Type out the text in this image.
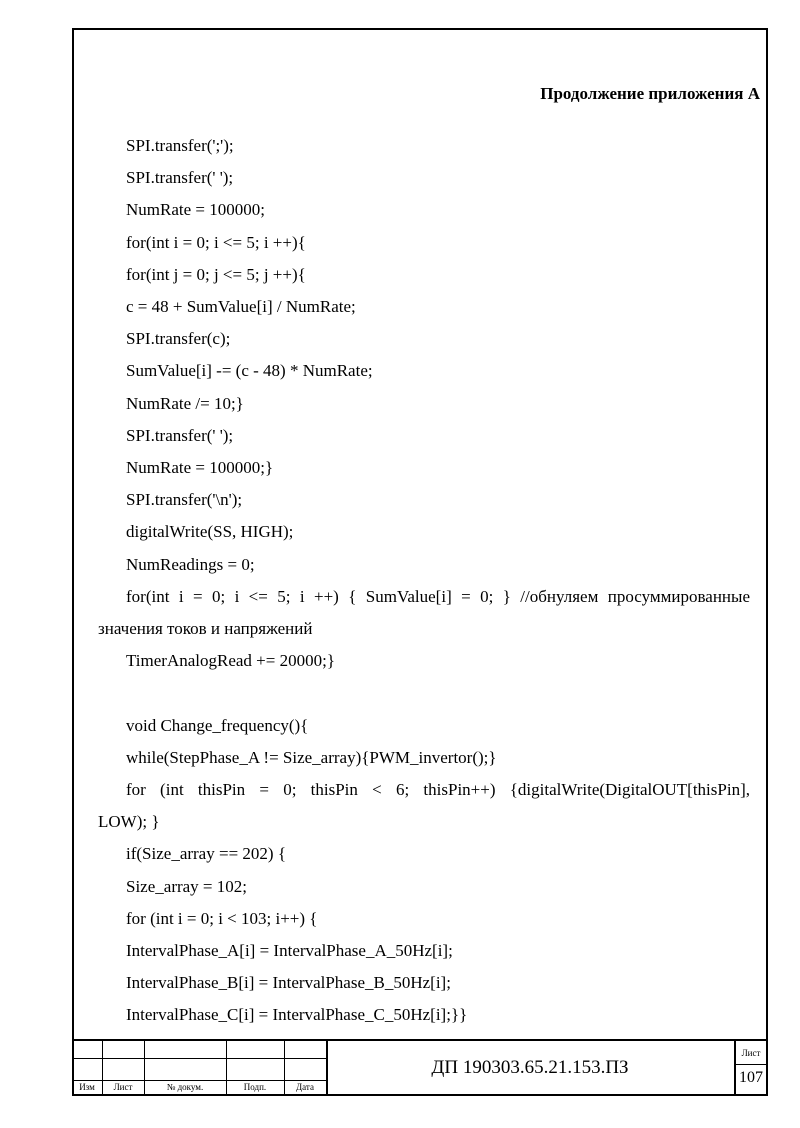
Продолжение приложения А
SPI.transfer(';');
SPI.transfer(' ');
NumRate = 100000;
for(int i = 0; i <= 5; i ++){
for(int j = 0; j <= 5; j ++){
c = 48 + SumValue[i] / NumRate;
SPI.transfer(c);
SumValue[i] -= (c - 48) * NumRate;
NumRate /= 10;}
SPI.transfer(' ');
NumRate = 100000;}
SPI.transfer('\n');
digitalWrite(SS, HIGH);
NumReadings = 0;
for(int i = 0; i <= 5; i ++) { SumValue[i] = 0; } //обнуляем просуммированные
значения токов и напряжений
TimerAnalogRead += 20000;}
void Change_frequency(){
while(StepPhase_A != Size_array){PWM_invertor();}
for (int thisPin = 0; thisPin < 6; thisPin++) {digitalWrite(DigitalOUT[thisPin],
LOW); }
if(Size_array == 202) {
Size_array = 102;
for (int i = 0; i < 103; i++) {
IntervalPhase_A[i] = IntervalPhase_A_50Hz[i];
IntervalPhase_B[i] = IntervalPhase_B_50Hz[i];
IntervalPhase_C[i] = IntervalPhase_C_50Hz[i];}}
Изм	Лист	№ докум.	Подп.	Дата
ДП 190303.65.21.153.ПЗ
Лист
107
